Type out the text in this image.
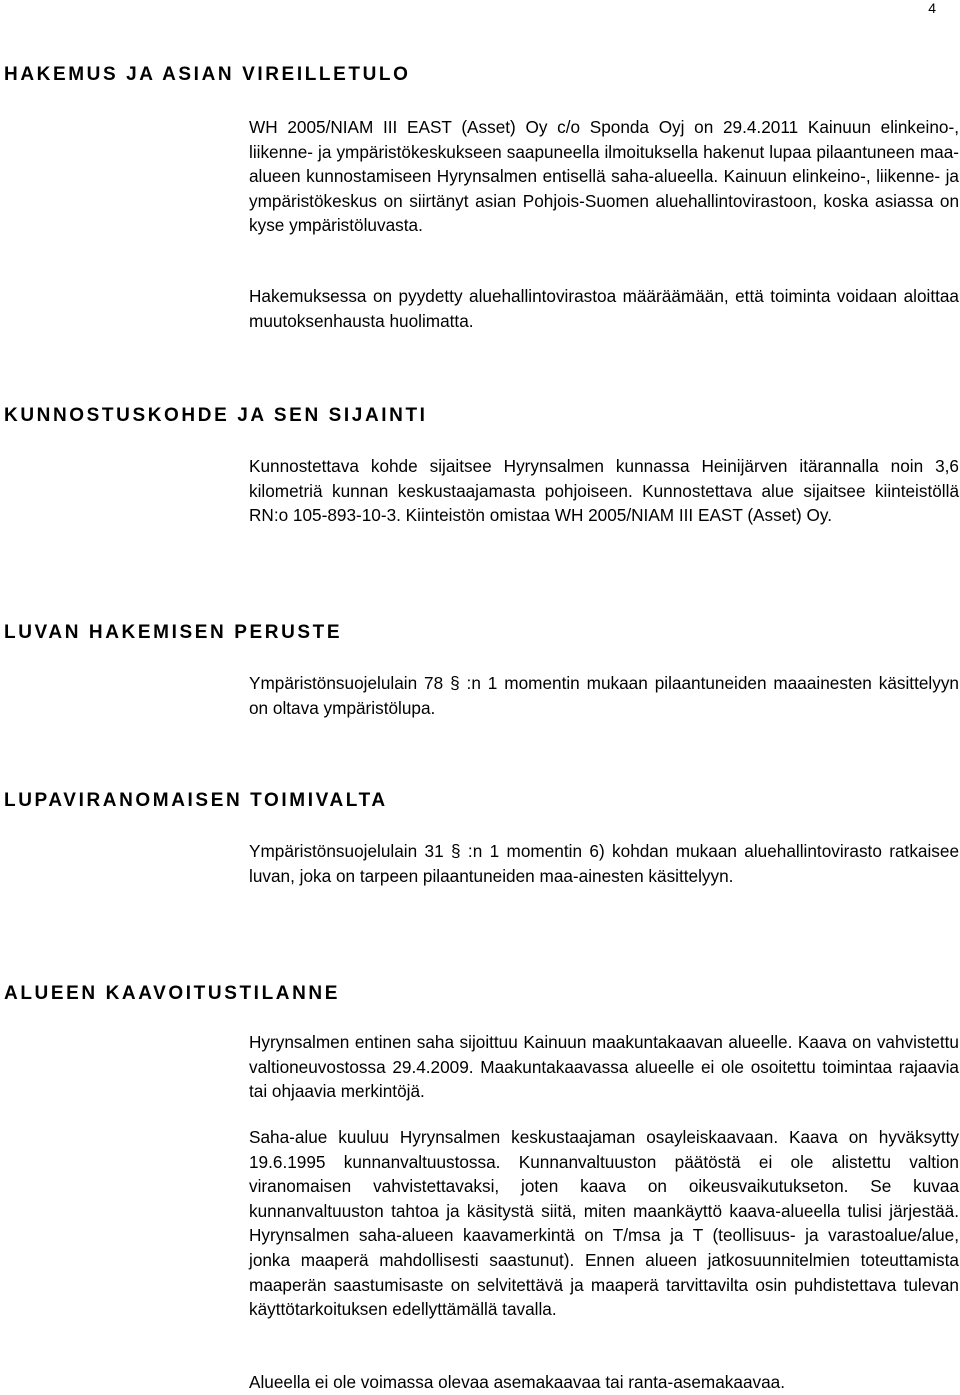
4
HAKEMUS JA ASIAN VIREILLETULO

WH 2005/NIAM III EAST (Asset) Oy c/o Sponda Oyj on 29.4.2011 Kainuun elinkeino-, liikenne- ja ympäristökeskukseen saapuneella ilmoituksella hakenut lupaa pilaantuneen maa-alueen kunnostamiseen Hyrynsalmen entisellä saha-alueella. Kainuun elinkeino-, liikenne- ja ympäristökeskus on siirtänyt asian Pohjois-Suomen aluehallintovirastoon, koska asiassa on kyse ympäristöluvasta.

Hakemuksessa on pyydetty aluehallintovirastoa määräämään, että toiminta voidaan aloittaa muutoksenhausta huolimatta.

KUNNOSTUSKOHDE JA SEN SIJAINTI

Kunnostettava kohde sijaitsee Hyrynsalmen kunnassa Heinijärven itärannalla noin 3,6 kilometriä kunnan keskustaajamasta pohjoiseen. Kunnostettava alue sijaitsee kiinteistöllä RN:o 105-893-10-3. Kiinteistön omistaa WH 2005/NIAM III EAST (Asset) Oy.

LUVAN HAKEMISEN PERUSTE

Ympäristönsuojelulain 78 § :n 1 momentin mukaan pilaantuneiden maaainesten käsittelyyn on oltava ympäristölupa.

LUPAVIRANOMAISEN TOIMIVALTA

Ympäristönsuojelulain 31 § :n 1 momentin 6) kohdan mukaan aluehallintovirasto ratkaisee luvan, joka on tarpeen pilaantuneiden maa-ainesten käsittelyyn.

ALUEEN KAAVOITUSTILANNE

Hyrynsalmen entinen saha sijoittuu Kainuun maakuntakaavan alueelle. Kaava on vahvistettu valtioneuvostossa 29.4.2009. Maakuntakaavassa alueelle ei ole osoitettu toimintaa rajaavia tai ohjaavia merkintöjä.

Saha-alue kuuluu Hyrynsalmen keskustaajaman osayleiskaavaan. Kaava on hyväksytty 19.6.1995 kunnanvaltuustossa. Kunnanvaltuuston päätöstä ei ole alistettu valtion viranomaisen vahvistettavaksi, joten kaava on oikeusvaikutukseton. Se kuvaa kunnanvaltuuston tahtoa ja käsitystä siitä, miten maankäyttö kaava-alueella tulisi järjestää. Hyrynsalmen saha-alueen kaavamerkintä on T/msa ja T (teollisuus- ja varastoalue/alue, jonka maaperä mahdollisesti saastunut). Ennen alueen jatkosuunnitelmien toteuttamista maaperän saastumisaste on selvitettävä ja maaperä tarvittavilta osin puhdistettava tulevan käyttötarkoituksen edellyttämällä tavalla.

Alueella ei ole voimassa olevaa asemakaavaa tai ranta-asemakaavaa.
